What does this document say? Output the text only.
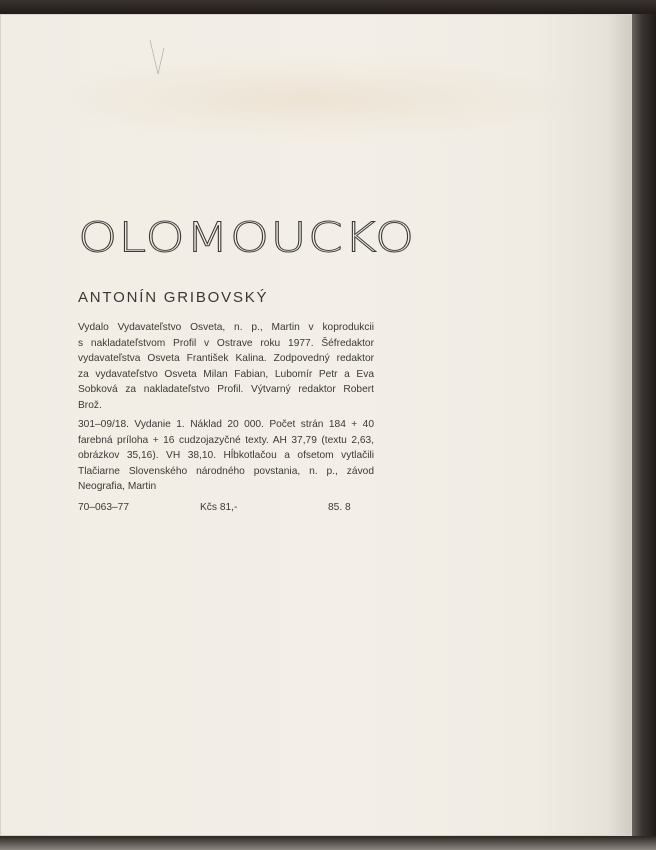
OLOMOUCKO

ANTONÍN GRIBOVSKÝ

Vydalo Vydavateľstvo Osveta, n. p., Martin v koprodukcii
s nakladateľstvom Profil v Ostrave roku 1977. Šéfredaktor
vydavateľstva Osveta František Kalina. Zodpovedný redaktor
za vydavateľstvo Osveta Milan Fabian, Lubomír Petr a Eva
Sobková za nakladateľstvo Profil. Výtvarný redaktor Robert
Brož.

301–09/18. Vydanie 1. Náklad 20 000. Počet strán 184 + 40
farebná príloha + 16 cudzojazyčné texty. AH 37,79 (textu 2,63,
obrázkov 35,16). VH 38,10. Hĺbkotlačou a ofsetom vytlačili
Tlačiarne Slovenského národného povstania, n. p., závod
Neografia, Martin

70–063–77	Kčs 81,-	85. 8
